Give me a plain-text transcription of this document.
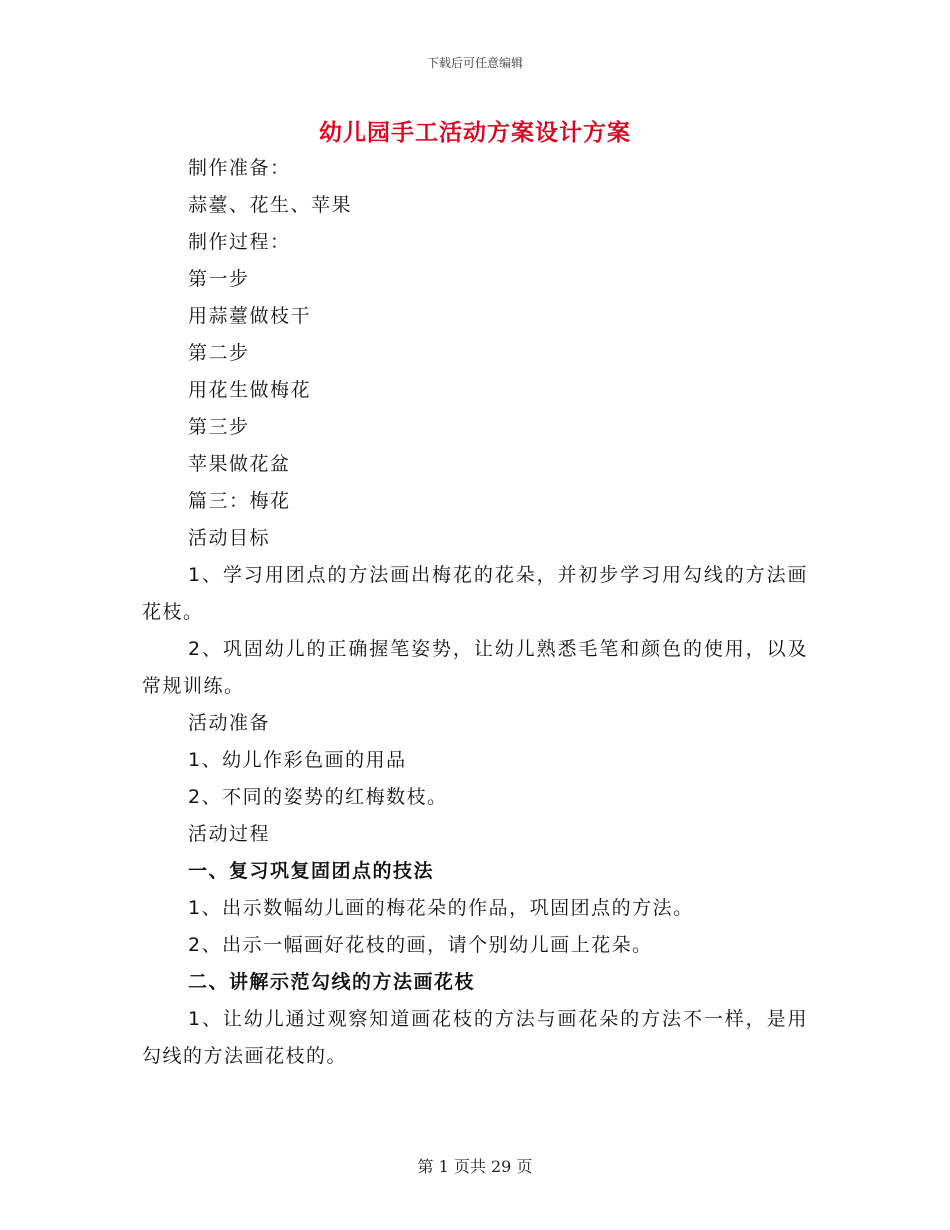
下载后可任意编辑
幼儿园手工活动方案设计方案
制作准备：
蒜薹、花生、苹果
制作过程：
第一步
用蒜薹做枝干
第二步
用花生做梅花
第三步
苹果做花盆
篇三：梅花
活动目标
1、学习用团点的方法画出梅花的花朵，并初步学习用勾线的方法画花枝。
2、巩固幼儿的正确握笔姿势，让幼儿熟悉毛笔和颜色的使用，以及常规训练。
活动准备
1、幼儿作彩色画的用品
2、不同的姿势的红梅数枝。
活动过程
一、复习巩复固团点的技法
1、出示数幅幼儿画的梅花朵的作品，巩固团点的方法。
2、出示一幅画好花枝的画，请个别幼儿画上花朵。
二、讲解示范勾线的方法画花枝
1、让幼儿通过观察知道画花枝的方法与画花朵的方法不一样，是用勾线的方法画花枝的。
第 1 页共 29 页
